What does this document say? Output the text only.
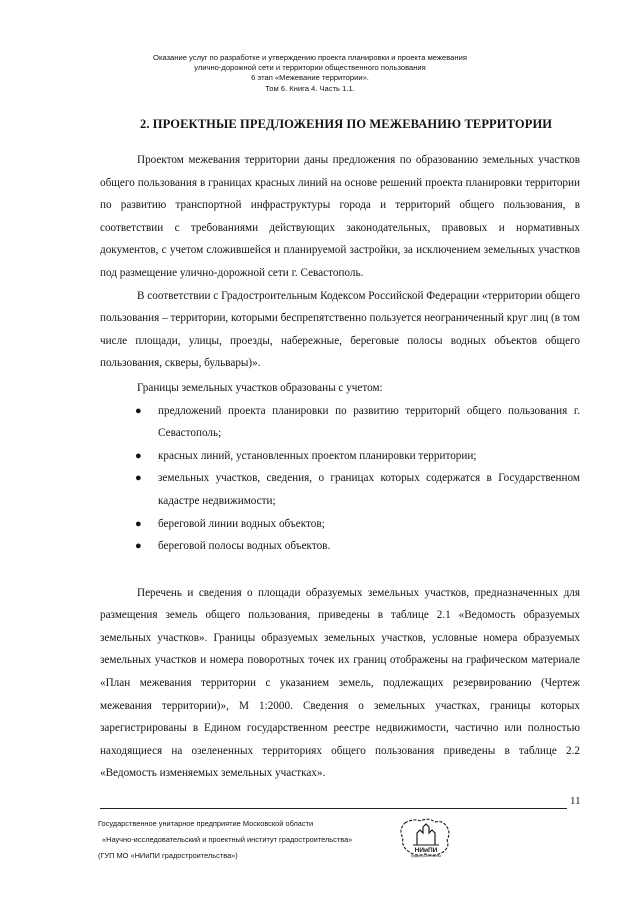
Оказание услуг по разработке и утверждению проекта планировки и проекта межевания
улично-дорожной сети и территории общественного пользования
6 этап «Межевание территории».
Том 6. Книга 4. Часть 1.1.
2. ПРОЕКТНЫЕ ПРЕДЛОЖЕНИЯ ПО МЕЖЕВАНИЮ ТЕРРИТОРИИ

Проектом межевания территории даны предложения по образованию земельных участков общего пользования в границах красных линий на основе решений проекта планировки территории по развитию транспортной инфраструктуры города и территорий общего пользования, в соответствии с требованиями действующих законодательных, правовых и нормативных документов, с учетом сложившейся и планируемой застройки, за исключением земельных участков под размещение улично-дорожной сети г. Севастополь.

В соответствии с Градостроительным Кодексом Российской Федерации «территории общего пользования – территории, которыми беспрепятственно пользуется неограниченный круг лиц (в том числе площади, улицы, проезды, набережные, береговые полосы водных объектов общего пользования, скверы, бульвары)».

Границы земельных участков образованы с учетом:

● предложений проекта планировки по развитию территорий общего пользования г. Севастополь;
● красных линий, установленных проектом планировки территории;
● земельных участков, сведения, о границах которых содержатся в Государственном кадастре недвижимости;
● береговой линии водных объектов;
● береговой полосы водных объектов.

Перечень и сведения о площади образуемых земельных участков, предназначенных для размещения земель общего пользования, приведены в таблице 2.1 «Ведомость образуемых земельных участков». Границы образуемых земельных участков, условные номера образуемых земельных участков и номера поворотных точек их границ отображены на графическом материале «План межевания территории с указанием земель, подлежащих резервированию (Чертеж межевания территории)», М 1:2000. Сведения о земельных участках, границы которых зарегистрированы в Едином государственном реестре недвижимости, частично или полностью находящиеся на озелененных территориях общего пользования приведены в таблице 2.2 «Ведомость изменяемых земельных участках».

11
Государственное унитарное предприятие Московской области
«Научно-исследовательский и проектный институт градостроительства»
(ГУП МО «НИиПИ градостроительства»)
НИиПИ
градостроительства
